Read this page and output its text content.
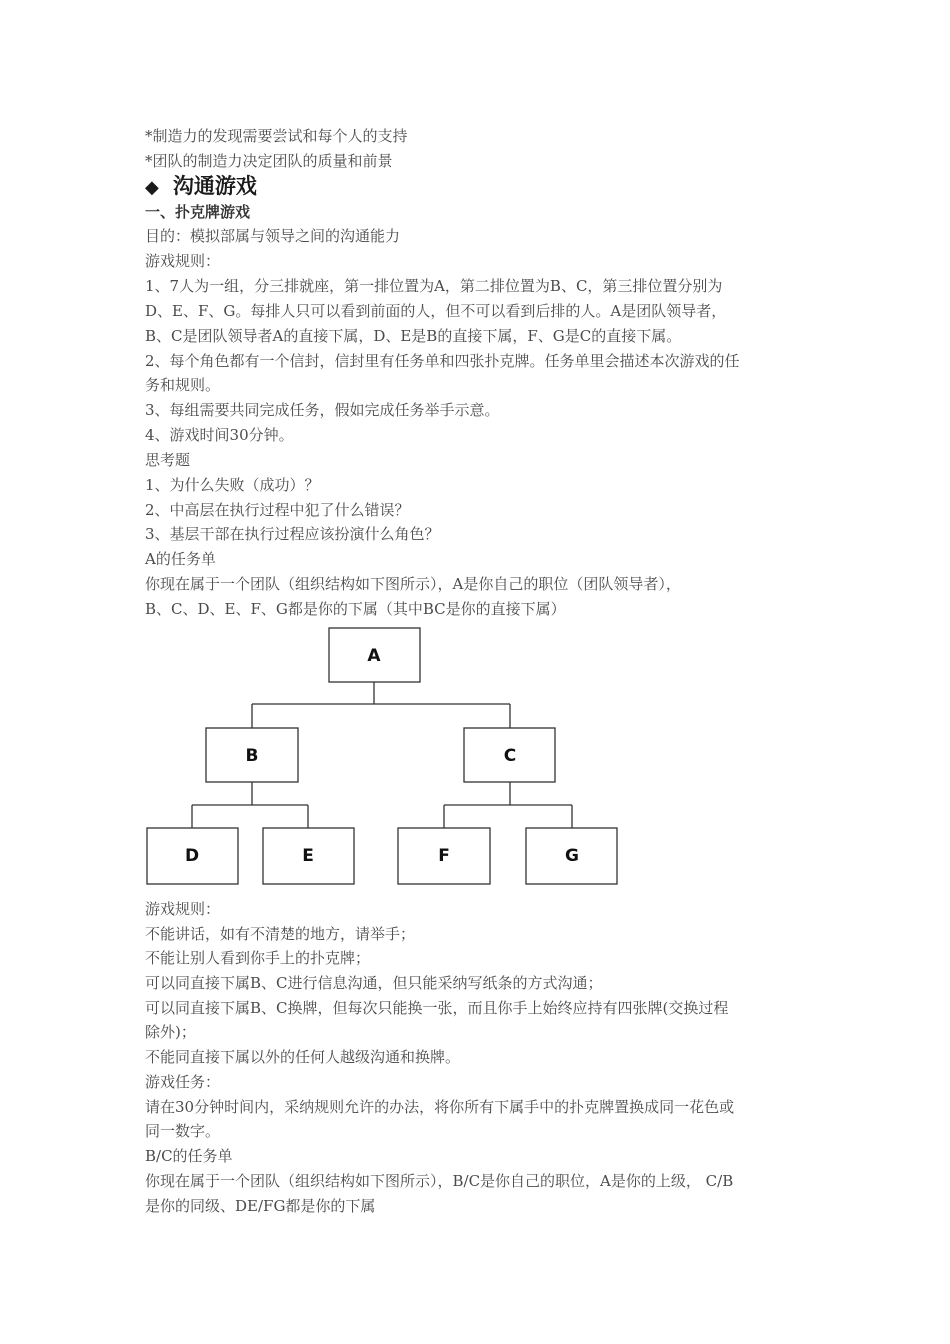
*制造力的发现需要尝试和每个人的支持
*团队的制造力决定团队的质量和前景
◆ 沟通游戏
一、扑克牌游戏
目的：模拟部属与领导之间的沟通能力
游戏规则：
1、7人为一组，分三排就座，第一排位置为A，第二排位置为B、C，第三排位置分别为
D、E、F、G。每排人只可以看到前面的人，但不可以看到后排的人。A是团队领导者，
B、C是团队领导者A的直接下属，D、E是B的直接下属，F、G是C的直接下属。
2、每个角色都有一个信封，信封里有任务单和四张扑克牌。任务单里会描述本次游戏的任
务和规则。
3、每组需要共同完成任务，假如完成任务举手示意。
4、游戏时间30分钟。
思考题
1、为什么失败（成功）？
2、中高层在执行过程中犯了什么错误？
3、基层干部在执行过程应该扮演什么角色？
A的任务单
你现在属于一个团队（组织结构如下图所示），A是你自己的职位（团队领导者），
B、C、D、E、F、G都是你的下属（其中BC是你的直接下属）
A
B	C
D	E	F	G
游戏规则：
不能讲话，如有不清楚的地方，请举手；
不能让别人看到你手上的扑克牌；
可以同直接下属B、C进行信息沟通，但只能采纳写纸条的方式沟通；
可以同直接下属B、C换牌，但每次只能换一张，而且你手上始终应持有四张牌(交换过程
除外)；
不能同直接下属以外的任何人越级沟通和换牌。
游戏任务：
请在30分钟时间内，采纳规则允许的办法，将你所有下属手中的扑克牌置换成同一花色或
同一数字。
B/C的任务单
你现在属于一个团队（组织结构如下图所示），B/C是你自己的职位，A是你的上级， C/B
是你的同级、DE/FG都是你的下属
